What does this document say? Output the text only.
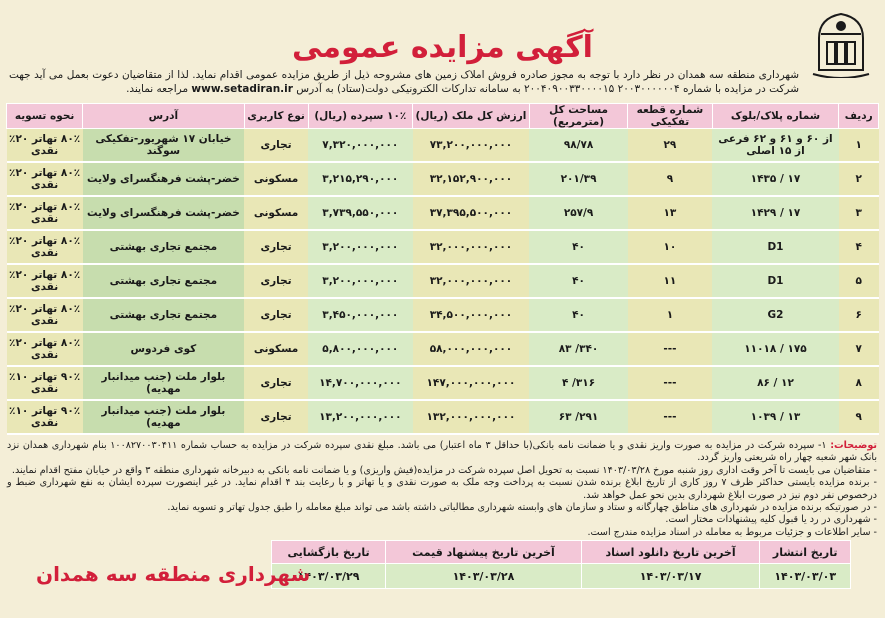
آگهی مزایده عمومی
شهرداری منطقه سه همدان در نظر دارد با توجه به مجوز صادره فروش املاک زمین های مشروحه ذیل از طریق مزایده عمومی اقدام نماید. لذا از متقاضیان دعوت بعمل می آید جهت شرکت در مزایده با شماره ۲۰۰۳۰۰۰۰۰۰۴ ۲۰۰۴۰۹۰۰۳۳۰۰۰۰۱۵ به سامانه تدارکات الکترونیکی دولت(ستاد) به آدرس www.setadiran.ir مراجعه نمایند.
ردیف	شماره پلاک/بلوک	شماره قطعه تفکیکی	مساحت کل (مترمربع)	ارزش کل ملک (ریال)	۱۰٪ سپرده (ریال)	نوع کاربری	آدرس	نحوه تسویه
۱	از ۶۰ و ۶۱ و ۶۲ فرعی از ۱۵ اصلی	۲۹	۹۸/۷۸	۷۳,۲۰۰,۰۰۰,۰۰۰	۷,۳۲۰,۰۰۰,۰۰۰	تجاری	خیابان ۱۷ شهریور-تفکیکی سوگند	۸۰٪ تهاتر ۲۰٪ نقدی
۲	۱۷ / ۱۴۳۵	۹	۲۰۱/۳۹	۳۲,۱۵۲,۹۰۰,۰۰۰	۳,۲۱۵,۲۹۰,۰۰۰	مسکونی	خضر-پشت فرهنگسرای ولایت	۸۰٪ تهاتر ۲۰٪ نقدی
۳	۱۷ / ۱۴۲۹	۱۳	۲۵۷/۹	۳۷,۳۹۵,۵۰۰,۰۰۰	۳,۷۳۹,۵۵۰,۰۰۰	مسکونی	خضر-پشت فرهنگسرای ولایت	۸۰٪ تهاتر ۲۰٪ نقدی
۴	D1	۱۰	۴۰	۳۲,۰۰۰,۰۰۰,۰۰۰	۳,۲۰۰,۰۰۰,۰۰۰	تجاری	مجتمع تجاری بهشتی	۸۰٪ تهاتر ۲۰٪ نقدی
۵	D1	۱۱	۴۰	۳۲,۰۰۰,۰۰۰,۰۰۰	۳,۲۰۰,۰۰۰,۰۰۰	تجاری	مجتمع تجاری بهشتی	۸۰٪ تهاتر ۲۰٪ نقدی
۶	G2	۱	۴۰	۳۴,۵۰۰,۰۰۰,۰۰۰	۳,۴۵۰,۰۰۰,۰۰۰	تجاری	مجتمع تجاری بهشتی	۸۰٪ تهاتر ۲۰٪ نقدی
۷	۱۷۵ / ۱۱۰۱۸	---	۳۴۰/ ۸۳	۵۸,۰۰۰,۰۰۰,۰۰۰	۵,۸۰۰,۰۰۰,۰۰۰	مسکونی	کوی فردوس	۸۰٪ تهاتر ۲۰٪ نقدی
۸	۱۲ / ۸۶	---	۳۱۶/ ۴	۱۴۷,۰۰۰,۰۰۰,۰۰۰	۱۴,۷۰۰,۰۰۰,۰۰۰	تجاری	بلوار ملت (جنب میدانبار مهدیه)	۹۰٪ تهاتر ۱۰٪ نقدی
۹	۱۳ / ۱۰۳۹	---	۲۹۱/ ۶۳	۱۳۲,۰۰۰,۰۰۰,۰۰۰	۱۳,۲۰۰,۰۰۰,۰۰۰	تجاری	بلوار ملت (جنب میدانبار مهدیه)	۹۰٪ تهاتر ۱۰٪ نقدی
توضیحات: ۱- سپرده شرکت در مزایده به صورت واریز نقدی و یا ضمانت نامه بانکی(با حداقل ۳ ماه اعتبار) می باشد. مبلغ نقدی سپرده شرکت در مزایده به حساب شماره ۱۰۰۸۲۷۰۰۳۰۴۱۱ بنام شهرداری همدان نزد بانک شهر شعبه چهار راه شریعتی واریز گردد.
- متقاضیان می بایست تا آخر وقت اداری روز شنبه مورخ ۱۴۰۳/۰۳/۲۸ نسبت به تحویل اصل سپرده شرکت در مزایده(فیش واریزی) و یا ضمانت نامه بانکی به دبیرخانه شهرداری منطقه ۳ واقع در خیابان مفتح اقدام نمایند.
- برنده مزایده بایستی حداکثر ظرف ۷ روز کاری از تاریخ ابلاغ برنده شدن نسبت به پرداخت وجه ملک به صورت نقدی و یا تهاتر و با رعایت بند ۴ اقدام نماید. در غیر اینصورت سپرده ایشان به نفع شهرداری ضبط و درخصوص نفر دوم نیز در صورت ابلاغ شهرداری بدین نحو عمل خواهد شد.
- در صورتیکه برنده مزایده در شهرداری های مناطق چهارگانه و ستاد و سازمان های وابسته شهرداری مطالباتی داشته باشد می تواند مبلغ معامله را طبق جدول تهاتر و تسویه نماید.
- شهرداری در رد یا قبول کلیه پیشنهادات مختار است.
- سایر اطلاعات و جزئیات مربوط به معامله در اسناد مزایده مندرج است.
تاریخ انتشار	آخرین تاریخ دانلود اسناد	آخرین تاریخ پیشنهاد قیمت	تاریخ بازگشایی
۱۴۰۳/۰۳/۰۳	۱۴۰۳/۰۳/۱۷	۱۴۰۳/۰۳/۲۸	۱۴۰۳/۰۳/۲۹
شهرداری منطقه سه همدان
